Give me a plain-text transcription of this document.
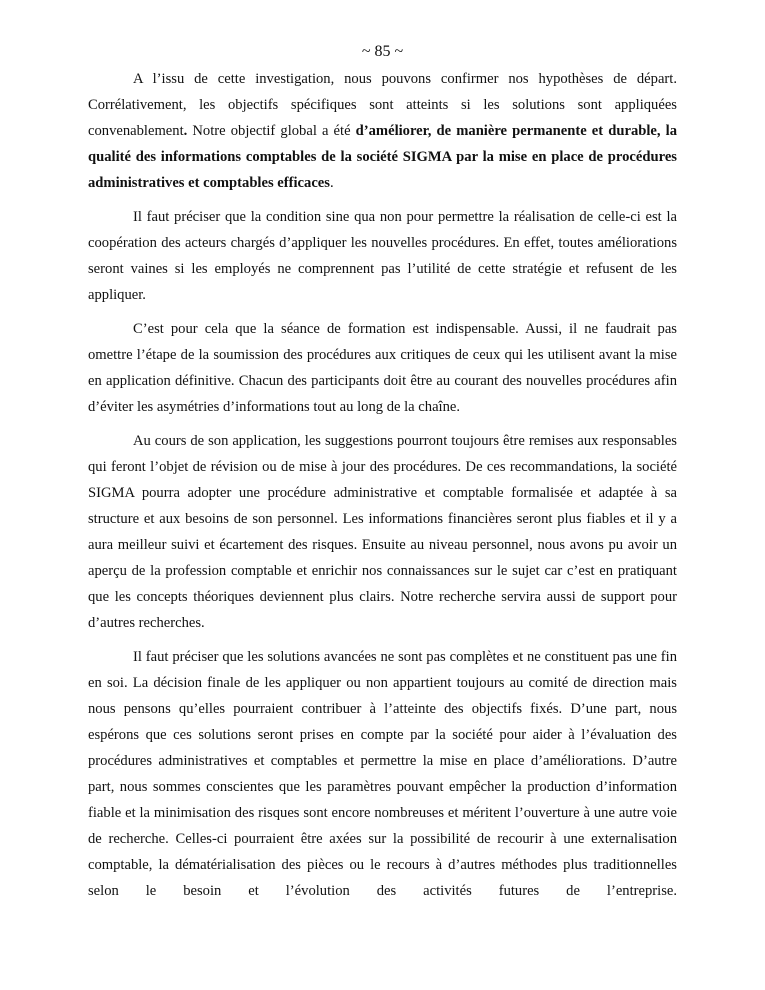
~ 85 ~

A l’issu de cette investigation, nous pouvons confirmer nos hypothèses de départ. Corrélativement, les objectifs spécifiques sont atteints si les solutions sont appliquées convenablement. Notre objectif global a été d’améliorer, de manière permanente et durable, la qualité des informations comptables de la société SIGMA par la mise en place de procédures administratives et comptables efficaces.

Il faut préciser que la condition sine qua non pour permettre la réalisation de celle-ci est la coopération des acteurs chargés d’appliquer les nouvelles procédures. En effet, toutes améliorations seront vaines si les employés ne comprennent pas l’utilité de cette stratégie et refusent de les appliquer.

C’est pour cela que la séance de formation est indispensable. Aussi, il ne faudrait pas omettre l’étape de la soumission des procédures aux critiques de ceux qui les utilisent avant la mise en application définitive. Chacun des participants doit être au courant des nouvelles procédures afin d’éviter les asymétries d’informations tout au long de la chaîne.

Au cours de son application, les suggestions pourront toujours être remises aux responsables qui feront l’objet de révision ou de mise à jour des procédures. De ces recommandations, la société SIGMA pourra adopter une procédure administrative et comptable formalisée et adaptée à sa structure et aux besoins de son personnel. Les informations financières seront plus fiables et il y a aura meilleur suivi et écartement des risques. Ensuite au niveau personnel, nous avons pu avoir un aperçu de la profession comptable et enrichir nos connaissances sur le sujet car c’est en pratiquant que les concepts théoriques deviennent plus clairs. Notre recherche servira aussi de support pour d’autres recherches.

Il faut préciser que les solutions avancées ne sont pas complètes et ne constituent pas une fin en soi. La décision finale de les appliquer ou non appartient toujours au comité de direction mais nous pensons qu’elles pourraient contribuer à l’atteinte des objectifs fixés. D’une part, nous espérons que ces solutions seront prises en compte par la société pour aider à l’évaluation des procédures administratives et comptables et permettre la mise en place d’améliorations. D’autre part, nous sommes conscientes que les paramètres pouvant empêcher la production d’information fiable et la minimisation des risques sont encore nombreuses et méritent l’ouverture à une autre voie de recherche. Celles-ci pourraient être axées sur la possibilité de recourir à une externalisation comptable, la dématérialisation des pièces ou le recours à d’autres méthodes plus traditionnelles selon le besoin et l’évolution des activités futures de l’entreprise.
